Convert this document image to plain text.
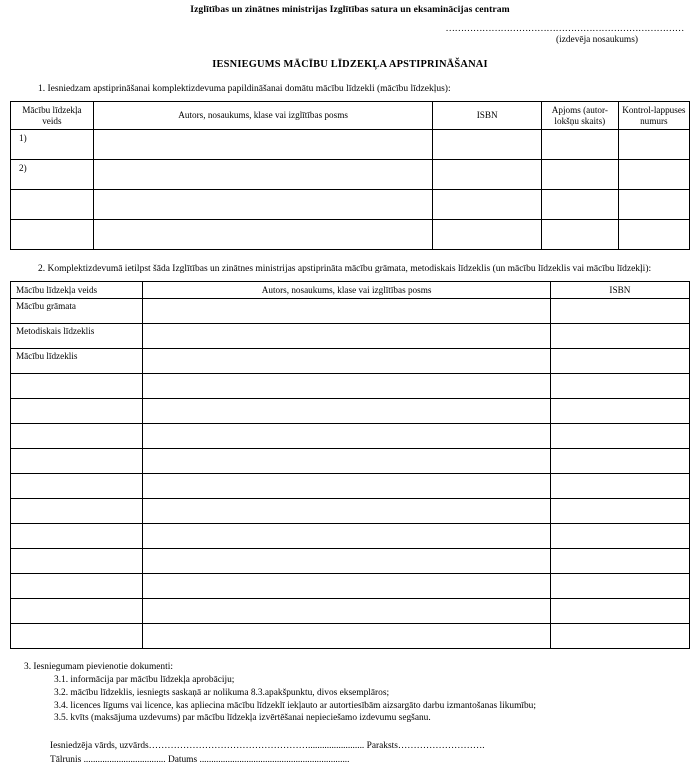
Izglītības un zinātnes ministrijas Izglītības satura un eksaminācijas centram
……………………………………………………………………
(izdevēja nosaukums)
IESNIEGUMS MĀCĪBU LĪDZEKĻA APSTIPRINĀŠANAI
1. Iesniedzam apstiprināšanai komplektizdevuma papildināšanai domātu mācību līdzekli (mācību līdzekļus):
Mācību līdzekļa veids	Autors, nosaukums, klase vai izglītības posms	ISBN	Apjoms (autor-lokšņu skaits)	Kontrol-lappuses numurs
1)				
2)				

2. Komplektizdevumā ietilpst šāda Izglītības un zinātnes ministrijas apstiprināta mācību grāmata, metodiskais līdzeklis (un mācību līdzeklis vai mācību līdzekļi):
Mācību līdzekļa veids	Autors, nosaukums, klase vai izglītības posms	ISBN
Mācību grāmata		
Metodiskais līdzeklis		
Mācību līdzeklis		

3. Iesniegumam pievienotie dokumenti:
3.1. informācija par mācību līdzekļa aprobāciju;
3.2. mācību līdzeklis, iesniegts saskaņā ar nolikuma 8.3.apakšpunktu, divos eksemplāros;
3.4. licences līgums vai licence, kas apliecina mācību līdzeklī iekļauto ar autortiesībām aizsargāto darbu izmantošanas likumību;
3.5. kvīts (maksājuma uzdevums) par mācību līdzekļa izvērtēšanai nepieciešamo izdevumu segšanu.
Iesniedzēja vārds, uzvārds……………………………………………........................ Paraksts……………………….
Tālrunis ................................... Datums ................................................................
